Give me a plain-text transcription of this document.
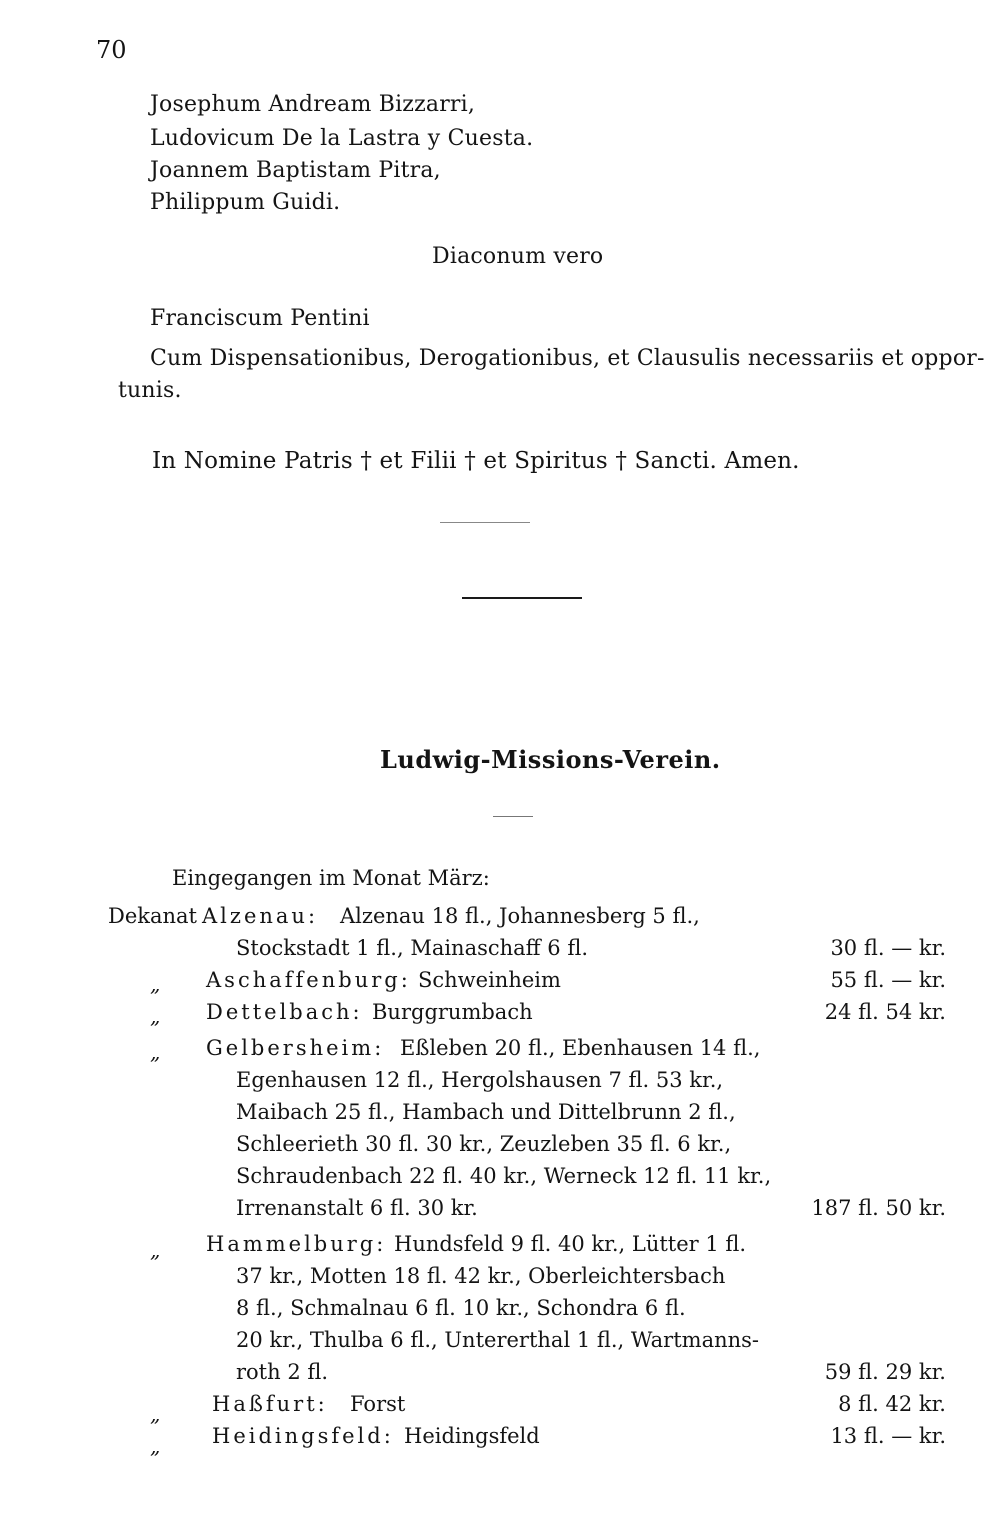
70
Josephum Andream Bizzarri,
Ludovicum De la Lastra y Cuesta.
Joannem Baptistam Pitra,
Philippum Guidi.
Diaconum vero
Franciscum Pentini
Cum Dispensationibus, Derogationibus, et Clausulis necessariis et oppor-
tunis.
In Nomine Patris † et Filii † et Spiritus † Sancti. Amen.
Ludwig-Missions-Verein.
Eingegangen im Monat März:
Dekanat Alzenau: Alzenau 18 fl., Johannesberg 5 fl.,
Stockstadt 1 fl., Mainaschaff 6 fl.	30 fl. — kr.
„ Aschaffenburg: Schweinheim	55 fl. — kr.
„ Dettelbach: Burggrumbach	24 fl. 54 kr.
„ Gelbersheim: Eßleben 20 fl., Ebenhausen 14 fl.,
Egenhausen 12 fl., Hergolshausen 7 fl. 53 kr.,
Maibach 25 fl., Hambach und Dittelbrunn 2 fl.,
Schleerieth 30 fl. 30 kr., Zeuzleben 35 fl. 6 kr.,
Schraudenbach 22 fl. 40 kr., Werneck 12 fl. 11 kr.,
Irrenanstalt 6 fl. 30 kr.	187 fl. 50 kr.
„ Hammelburg: Hundsfeld 9 fl. 40 kr., Lütter 1 fl.
37 kr., Motten 18 fl. 42 kr., Oberleichtersbach
8 fl., Schmalnau 6 fl. 10 kr., Schondra 6 fl.
20 kr., Thulba 6 fl., Untererthal 1 fl., Wartmanns-
roth 2 fl.	59 fl. 29 kr.
„ Haßfurt: Forst	8 fl. 42 kr.
„ Heidingsfeld: Heidingsfeld	13 fl. — kr.
